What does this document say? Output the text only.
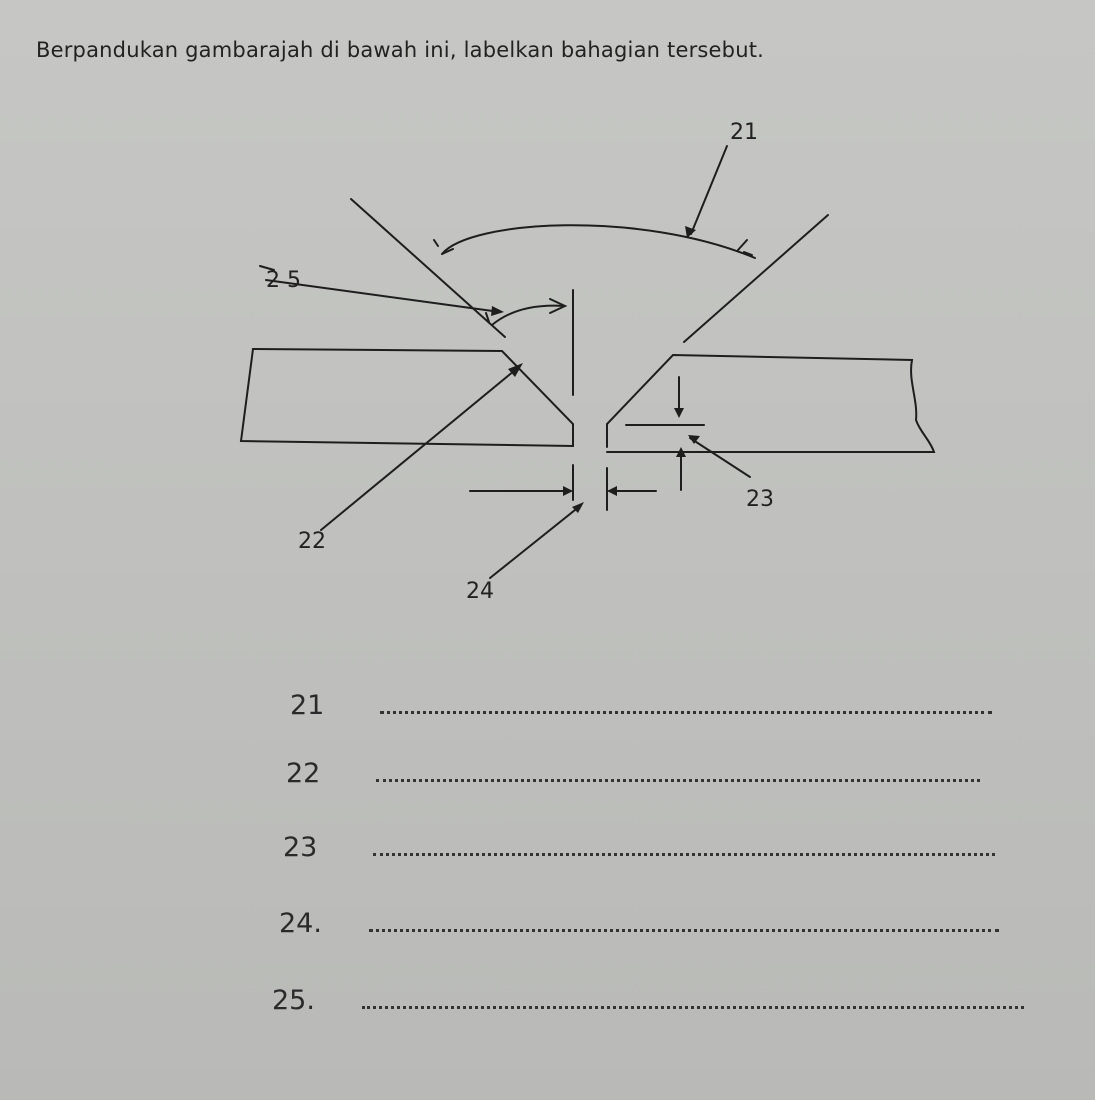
Berpandukan gambarajah di bawah ini, labelkan bahagian tersebut.
21
22
23
24
2 5
21
22
23
24.
25.
